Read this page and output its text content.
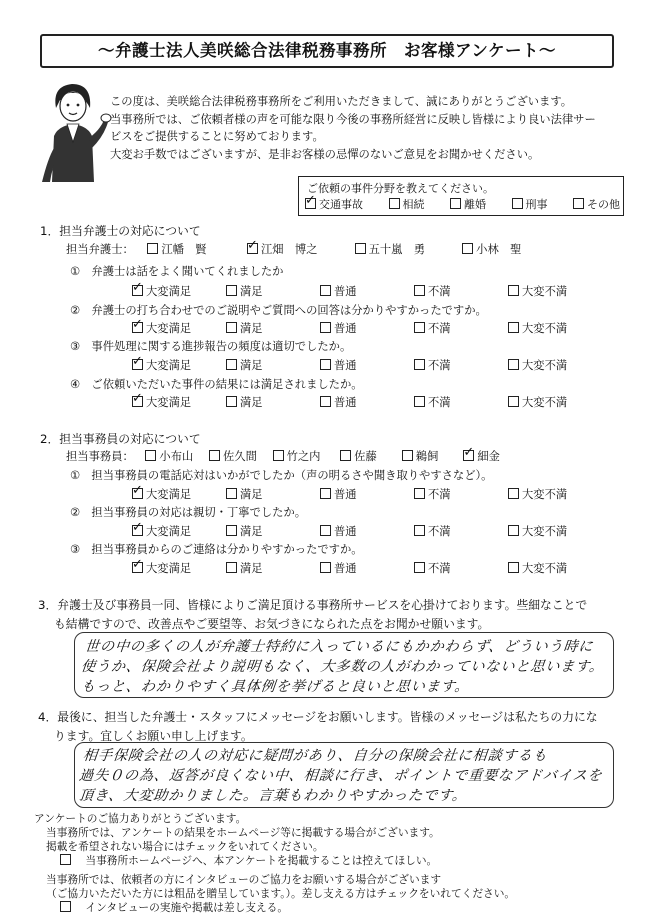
〜弁護士法人美咲総合法律税務事務所　お客様アンケート〜

この度は、美咲総合法律税務事務所をご利用いただきまして、誠にありがとうございます。

当事務所では、ご依頼者様の声を可能な限り今後の事務所経営に反映し皆様により良い法律サー

ビスをご提供することに努めております。

大変お手数ではございますが、是非お客様の忌憚のないご意見をお聞かせください。

ご依頼の事件分野を教えてください。
✓交通事故	相続	離婚	刑事	その他
1．担当弁護士の対応について
担当弁護士： 江幡　賢 ✓	江畑　博之	五十嵐　勇	小林　聖
①　弁護士は話をよく聞いてくれましたか
✓大変満足	満足	普通	不満	大変不満
②　弁護士の打ち合わせでのご説明やご質問への回答は分かりやすかったですか。
✓大変満足	満足	普通	不満	大変不満
③　事件処理に関する進捗報告の頻度は適切でしたか。
✓大変満足	満足	普通	不満	大変不満
④　ご依頼いただいた事件の結果には満足されましたか。
✓大変満足	満足	普通	不満	大変不満
2．担当事務員の対応について
担当事務員： 小布山	佐久間	竹之内	佐藤	鵜飼 ✓	細金
①　担当事務員の電話応対はいかがでしたか（声の明るさや聞き取りやすさなど）。
✓大変満足	満足	普通	不満	大変不満
②　担当事務員の対応は親切・丁寧でしたか。
✓大変満足	満足	普通	不満	大変不満
③　担当事務員からのご連絡は分かりやすかったですか。
✓大変満足	満足	普通	不満	大変不満
3．弁護士及び事務員一同、皆様によりご満足頂ける事務所サービスを心掛けております。些細なことで
も結構ですので、改善点やご要望等、お気づきになられた点をお聞かせ願います。
世の中の多くの人が弁護士特約に入っているにもかかわらず、どういう時に
使うか、保険会社より説明もなく、大多数の人がわかっていないと思います。
もっと、わかりやすく具体例を挙げると良いと思います。
4．最後に、担当した弁護士・スタッフにメッセージをお願いします。皆様のメッセージは私たちの力にな
ります。宜しくお願い申し上げます。
相手保険会社の人の対応に疑問があり、自分の保険会社に相談するも
過失０の為、返答が良くない中、相談に行き、ポイントで重要なアドバイスを
頂き、大変助かりました。言葉もわかりやすかったです。
アンケートのご協力ありがとうございます。
当事務所では、アンケートの結果をホームページ等に掲載する場合がございます。
掲載を希望されない場合にはチェックをいれてください。
当事務所ホームページへ、本アンケートを掲載することは控えてほしい。
当事務所では、依頼者の方にインタビューのご協力をお願いする場合がございます
（ご協力いただいた方には粗品を贈呈しています。）。差し支える方はチェックをいれてください。
インタビューの実施や掲載は差し支える。
